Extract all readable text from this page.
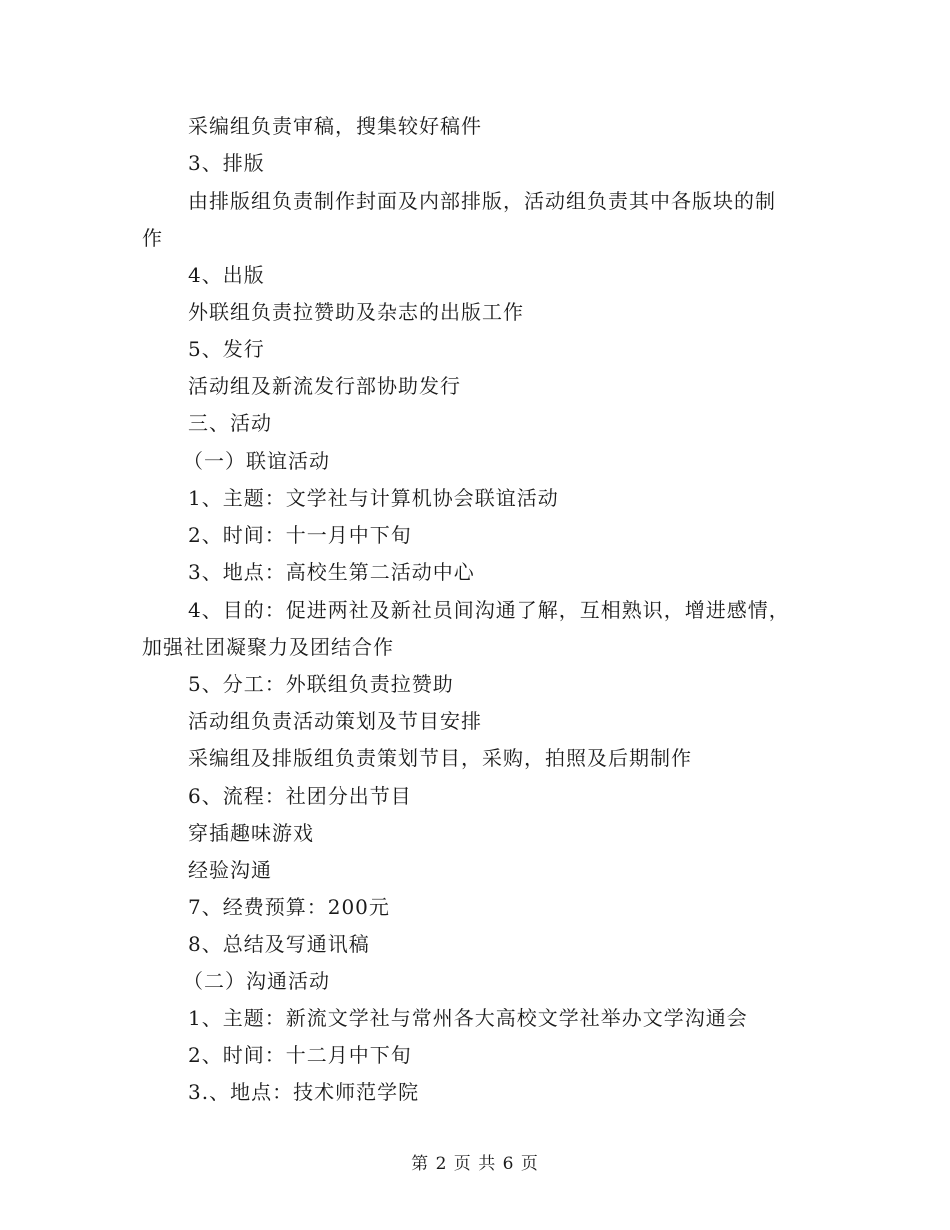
采编组负责审稿，搜集较好稿件
3、排版
由排版组负责制作封面及内部排版，活动组负责其中各版块的制
作
4、出版
外联组负责拉赞助及杂志的出版工作
5、发行
活动组及新流发行部协助发行
三、活动
（一）联谊活动
1、主题：文学社与计算机协会联谊活动
2、时间：十一月中下旬
3、地点：高校生第二活动中心
4、目的：促进两社及新社员间沟通了解，互相熟识，增进感情，
加强社团凝聚力及团结合作
5、分工：外联组负责拉赞助
活动组负责活动策划及节目安排
采编组及排版组负责策划节目，采购，拍照及后期制作
6、流程：社团分出节目
穿插趣味游戏
经验沟通
7、经费预算：200元
8、总结及写通讯稿
（二）沟通活动
1、主题：新流文学社与常州各大高校文学社举办文学沟通会
2、时间：十二月中下旬
3.、地点：技术师范学院
第 2 页 共 6 页
